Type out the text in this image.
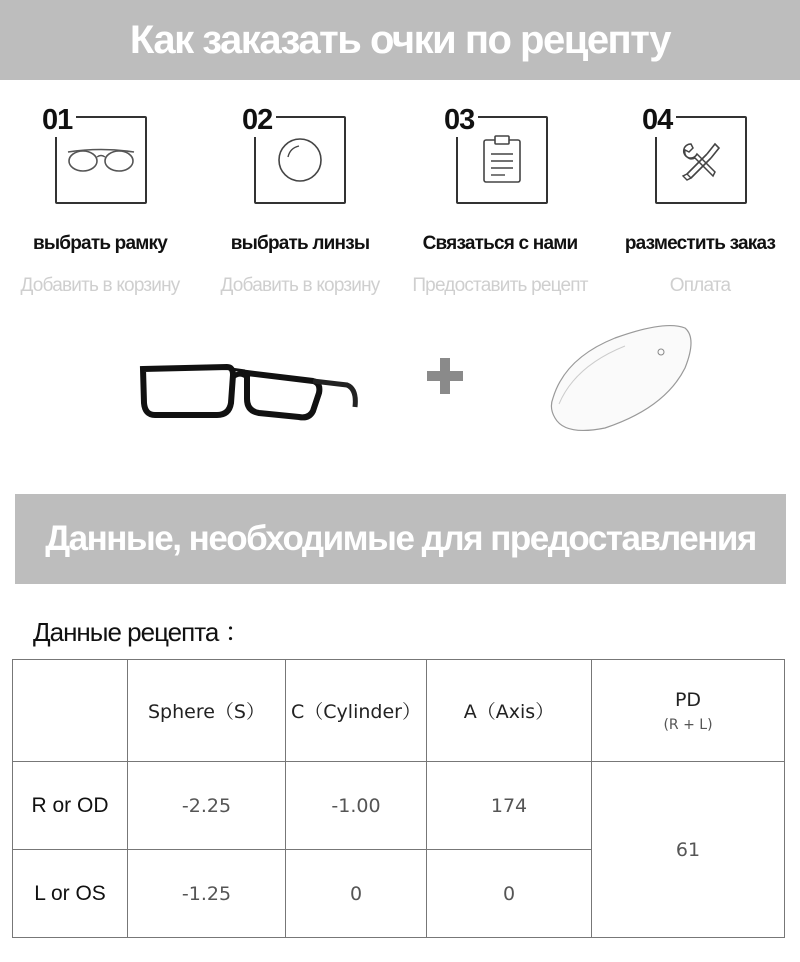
Как заказать очки по рецепту
01
выбрать рамку
Добавить в корзину
02
выбрать линзы
Добавить в корзину
03
Связаться с нами
Предоставить рецепт
04
разместить заказ
Оплата
Данные, необходимые для предоставления
Данные рецепта ：
	Sphere（S）	C（Cylinder）	A（Axis）	PD
(R + L)

R or OD	-2.25	-1.00	174	61
L or OS	-1.25	0	0	
